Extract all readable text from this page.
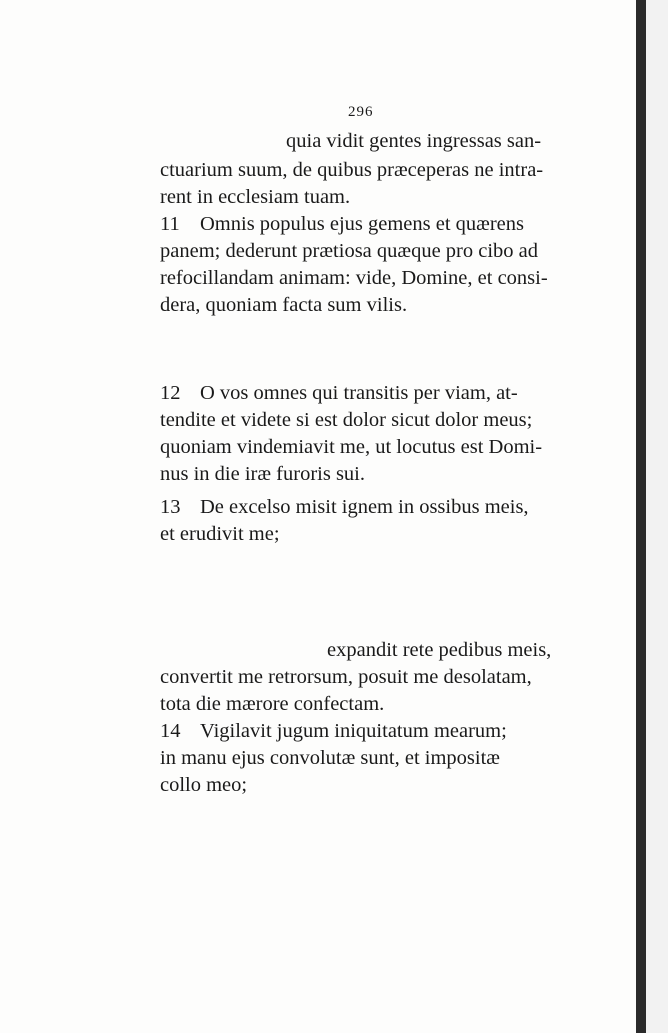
296
quia vidit gentes ingressas san-
ctuarium suum, de quibus præceperas ne intra-
rent in ecclesiam tuam.
11 Omnis populus ejus gemens et quærens
panem; dederunt prætiosa quæque pro cibo ad
refocillandam animam: vide, Domine, et consi-
dera, quoniam facta sum vilis.
12 O vos omnes qui transitis per viam, at-
tendite et videte si est dolor sicut dolor meus;
quoniam vindemiavit me, ut locutus est Domi-
nus in die iræ furoris sui.
13 De excelso misit ignem in ossibus meis,
et erudivit me;
expandit rete pedibus meis,
convertit me retrorsum, posuit me desolatam,
tota die mærore confectam.
14 Vigilavit jugum iniquitatum mearum;
in manu ejus convolutæ sunt, et impositæ
collo meo;
